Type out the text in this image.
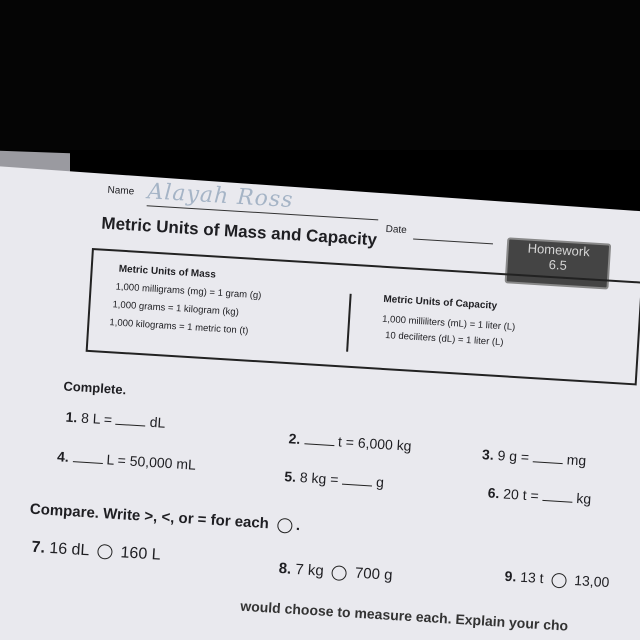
Name Alayah Ross
Date
Metric Units of Mass and Capacity
Homework
6.5
Metric Units of Mass
1,000 milligrams (mg) = 1 gram (g)
1,000 grams = 1 kilogram (kg)
1,000 kilograms = 1 metric ton (t)
Metric Units of Capacity
1,000 milliliters (mL) = 1 liter (L)
10 deciliters (dL) = 1 liter (L)
Complete.
1. 8 L =	dL
2.	t = 6,000 kg
3. 9 g =	mg
4.	L = 50,000 mL
5. 8 kg =	g
6. 20 t =	kg
Compare. Write >, <, or = for each .
7. 16 dL 160 L
8. 7 kg 700 g	9. 13 t 13,00
would choose to measure each. Explain your cho
